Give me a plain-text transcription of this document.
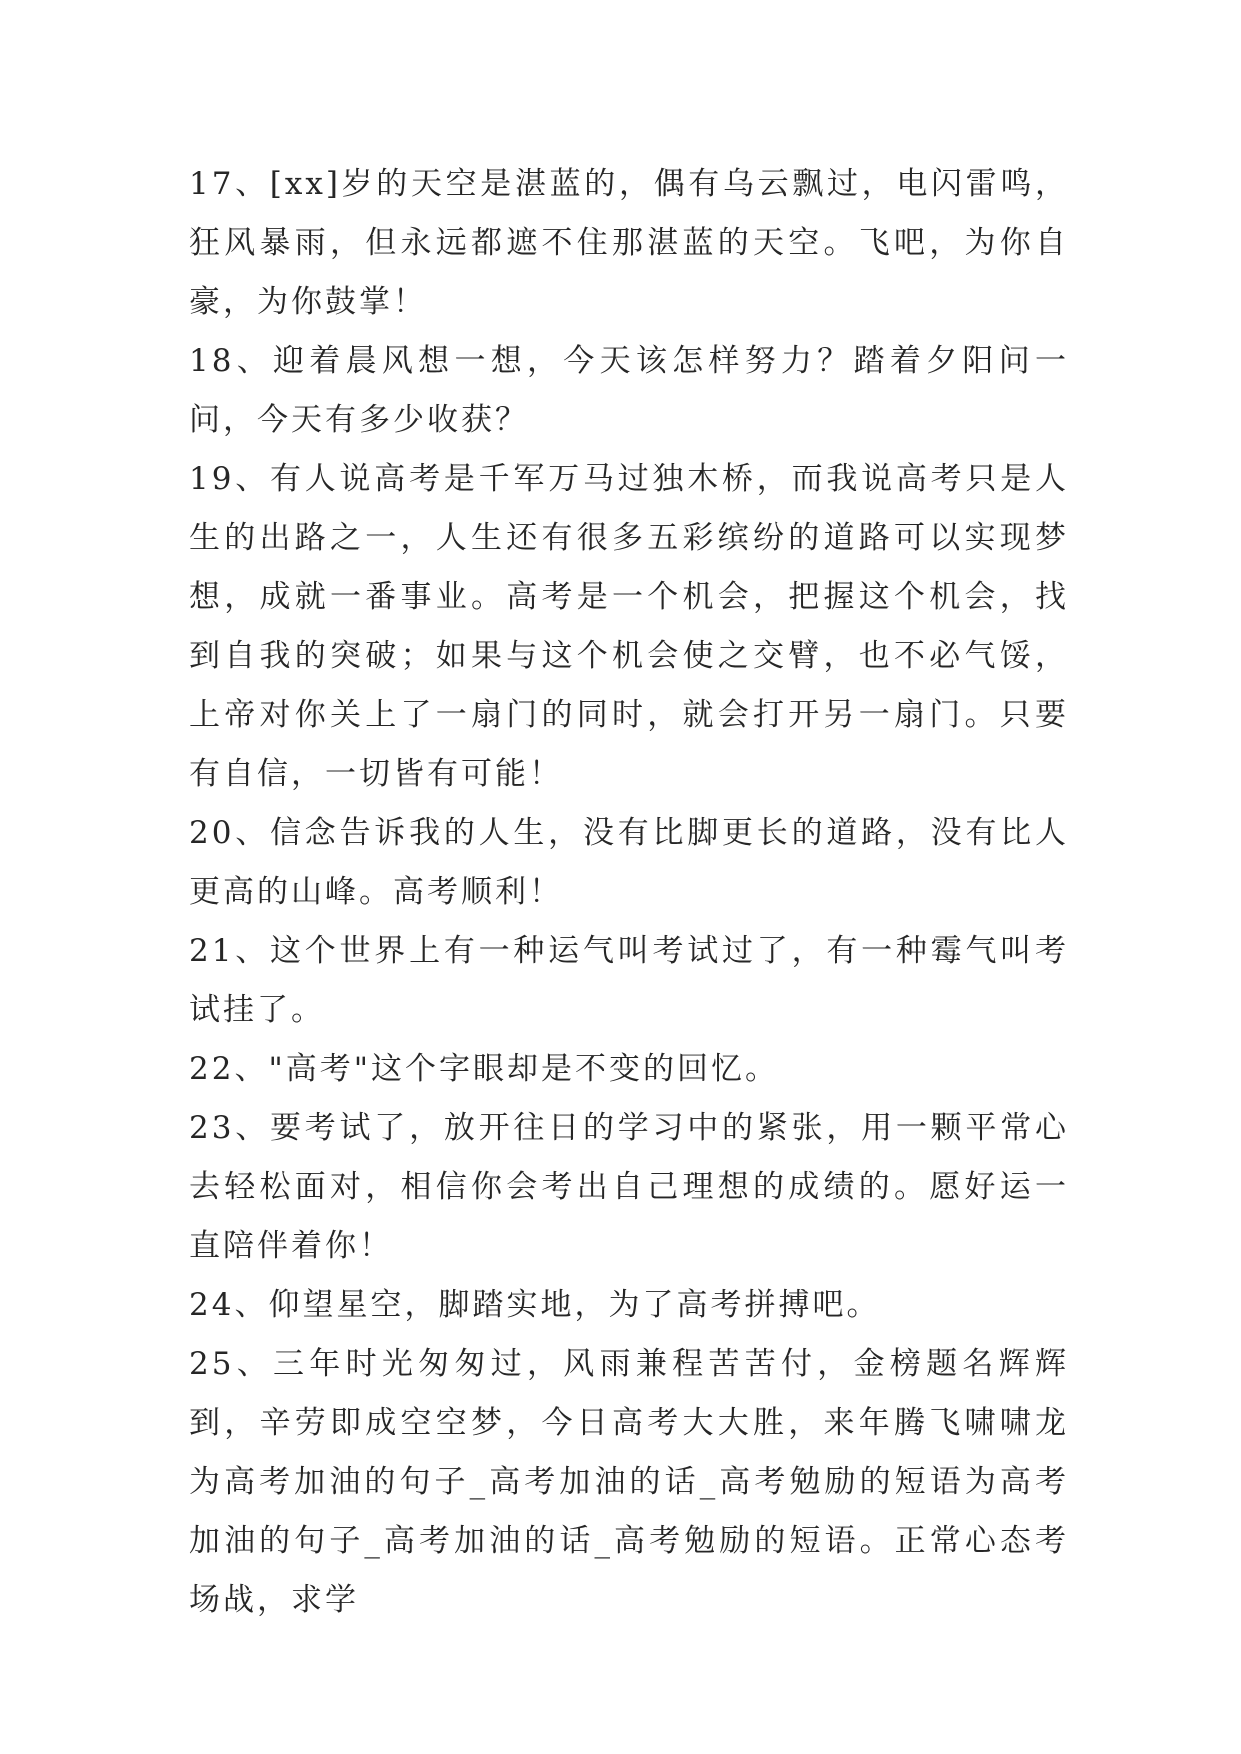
17、[xx]岁的天空是湛蓝的，偶有乌云飘过，电闪雷鸣，狂风暴雨，但永远都遮不住那湛蓝的天空。飞吧，为你自豪，为你鼓掌！

18、迎着晨风想一想，今天该怎样努力？踏着夕阳问一问，今天有多少收获？

19、有人说高考是千军万马过独木桥，而我说高考只是人生的出路之一，人生还有很多五彩缤纷的道路可以实现梦想，成就一番事业。高考是一个机会，把握这个机会，找到自我的突破；如果与这个机会使之交臂，也不必气馁，上帝对你关上了一扇门的同时，就会打开另一扇门。只要有自信，一切皆有可能！

20、信念告诉我的人生，没有比脚更长的道路，没有比人更高的山峰。高考顺利！

21、这个世界上有一种运气叫考试过了，有一种霉气叫考试挂了。

22、"高考"这个字眼却是不变的回忆。

23、要考试了，放开往日的学习中的紧张，用一颗平常心去轻松面对，相信你会考出自己理想的成绩的。愿好运一直陪伴着你！

24、仰望星空，脚踏实地，为了高考拼搏吧。

25、三年时光匆匆过，风雨兼程苦苦付，金榜题名辉辉到，辛劳即成空空梦，今日高考大大胜，来年腾飞啸啸龙为高考加油的句子_高考加油的话_高考勉励的短语为高考加油的句子_高考加油的话_高考勉励的短语。正常心态考场战，求学
